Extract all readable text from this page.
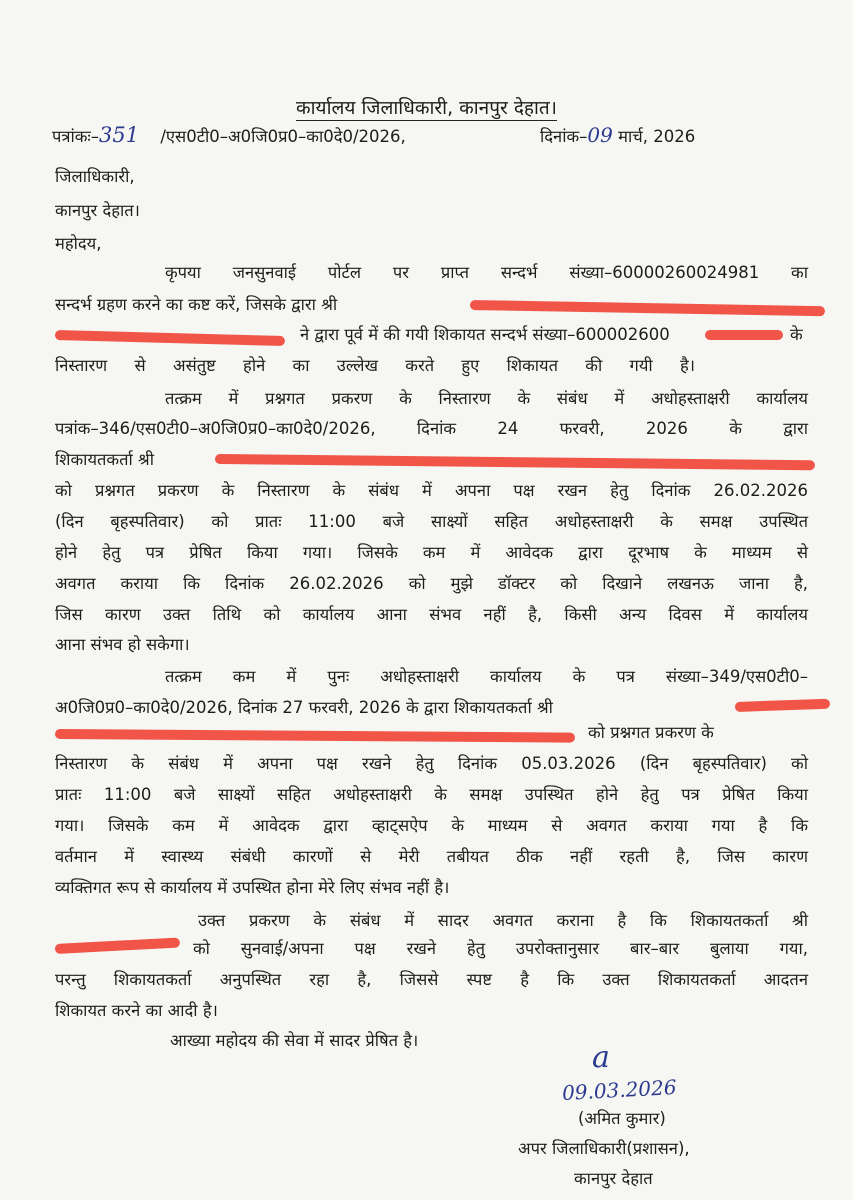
कार्यालय जिलाधिकारी, कानपुर देहात।
पत्रांकः–351 /एस0टी0–अ0जि0प्र0–का0दे0/2026,	दिनांक–09 मार्च, 2026
जिलाधिकारी,
कानपुर देहात।
महोदय,
कृपया जनसुनवाई पोर्टल पर प्राप्त सन्दर्भ संख्या–60000260024981 का
सन्दर्भ ग्रहण करने का कष्ट करें, जिसके द्वारा श्री
ने द्वारा पूर्व में की गयी शिकायत सन्दर्भ संख्या–600002600	के
निस्तारण से असंतुष्ट होने का उल्लेख करते हुए शिकायत की गयी है।
तत्क्रम में प्रश्नगत प्रकरण के निस्तारण के संबंध में अधोहस्ताक्षरी कार्यालय
पत्रांक–346/एस0टी0–अ0जि0प्र0–का0दे0/2026, दिनांक 24 फरवरी, 2026 के द्वारा
शिकायतकर्ता श्री
को प्रश्नगत प्रकरण के निस्तारण के संबंध में अपना पक्ष रखन हेतु दिनांक 26.02.2026
(दिन बृहस्पतिवार) को प्रातः 11:00 बजे साक्ष्यों सहित अधोहस्ताक्षरी के समक्ष उपस्थित
होने हेतु पत्र प्रेषित किया गया। जिसके कम में आवेदक द्वारा दूरभाष के माध्यम से
अवगत कराया कि दिनांक 26.02.2026 को मुझे डॉक्टर को दिखाने लखनऊ जाना है,
जिस कारण उक्त तिथि को कार्यालय आना संभव नहीं है, किसी अन्य दिवस में कार्यालय
आना संभव हो सकेगा।
तत्क्रम कम में पुनः अधोहस्ताक्षरी कार्यालय के पत्र संख्या–349/एस0टी0–
अ0जि0प्र0–का0दे0/2026, दिनांक 27 फरवरी, 2026 के द्वारा शिकायतकर्ता श्री
को प्रश्नगत प्रकरण के
निस्तारण के संबंध में अपना पक्ष रखने हेतु दिनांक 05.03.2026 (दिन बृहस्पतिवार) को
प्रातः 11:00 बजे साक्ष्यों सहित अधोहस्ताक्षरी के समक्ष उपस्थित होने हेतु पत्र प्रेषित किया
गया। जिसके कम में आवेदक द्वारा व्हाट्सऐप के माध्यम से अवगत कराया गया है कि
वर्तमान में स्वास्थ्य संबंधी कारणों से मेरी तबीयत ठीक नहीं रहती है, जिस कारण
व्यक्तिगत रूप से कार्यालय में उपस्थित होना मेरे लिए संभव नहीं है।
उक्त प्रकरण के संबंध में सादर अवगत कराना है कि शिकायतकर्ता श्री
को सुनवाई/अपना पक्ष रखने हेतु उपरोक्तानुसार बार–बार बुलाया गया,
परन्तु शिकायतकर्ता अनुपस्थित रहा है, जिससे स्पष्ट है कि उक्त शिकायतकर्ता आदतन
शिकायत करने का आदी है।
आख्या महोदय की सेवा में सादर प्रेषित है।	a
09.03.2026
(अमित कुमार)
अपर जिलाधिकारी(प्रशासन),
कानपुर देहात
